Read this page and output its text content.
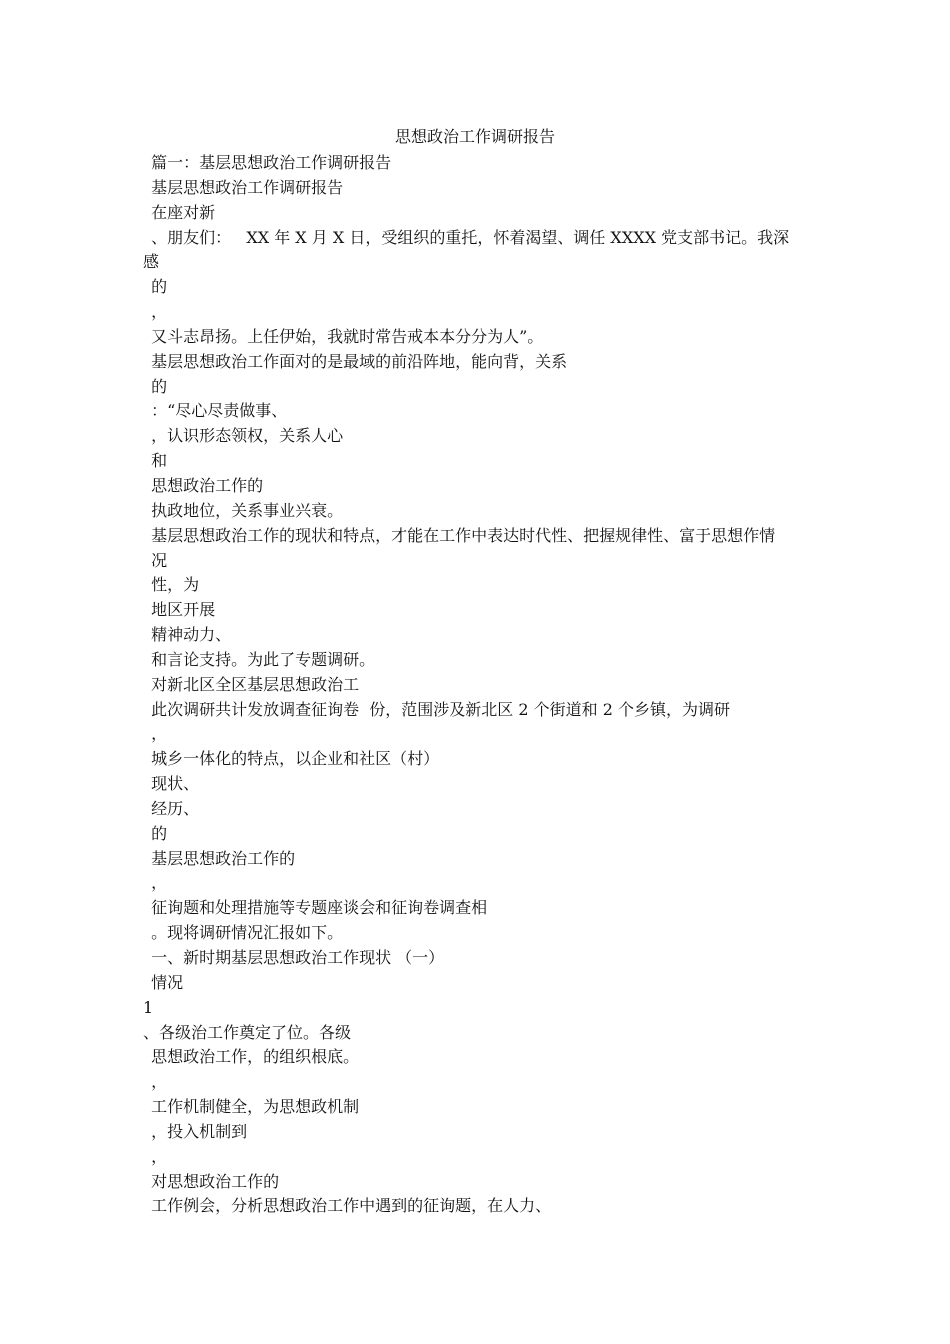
思想政治工作调研报告
篇一：基层思想政治工作调研报告
基层思想政治工作调研报告
在座对新
、朋友们：   XX 年 X 月 X 日，受组织的重托，怀着渴望、调任 XXXX 党支部书记。我深
感
的
，
又斗志昂扬。上任伊始，我就时常告戒本本分分为人”。
基层思想政治工作面对的是最域的前沿阵地，能向背，关系
的
：“尽心尽责做事、
，认识形态领权，关系人心
和
思想政治工作的
执政地位，关系事业兴衰。
基层思想政治工作的现状和特点，才能在工作中表达时代性、把握规律性、富于思想作情
况
性，为
地区开展
精神动力、
和言论支持。为此了专题调研。
对新北区全区基层思想政治工
此次调研共计发放调查征询卷  份，范围涉及新北区 2 个街道和 2 个乡镇，为调研
，
城乡一体化的特点，以企业和社区（村）
现状、
经历、
的
基层思想政治工作的
，
征询题和处理措施等专题座谈会和征询卷调查相
。现将调研情况汇报如下。
一、新时期基层思想政治工作现状 （一）
情况
1
、各级治工作奠定了位。各级
思想政治工作，的组织根底。
，
工作机制健全，为思想政机制
，投入机制到
，
对思想政治工作的
工作例会，分析思想政治工作中遇到的征询题，在人力、
